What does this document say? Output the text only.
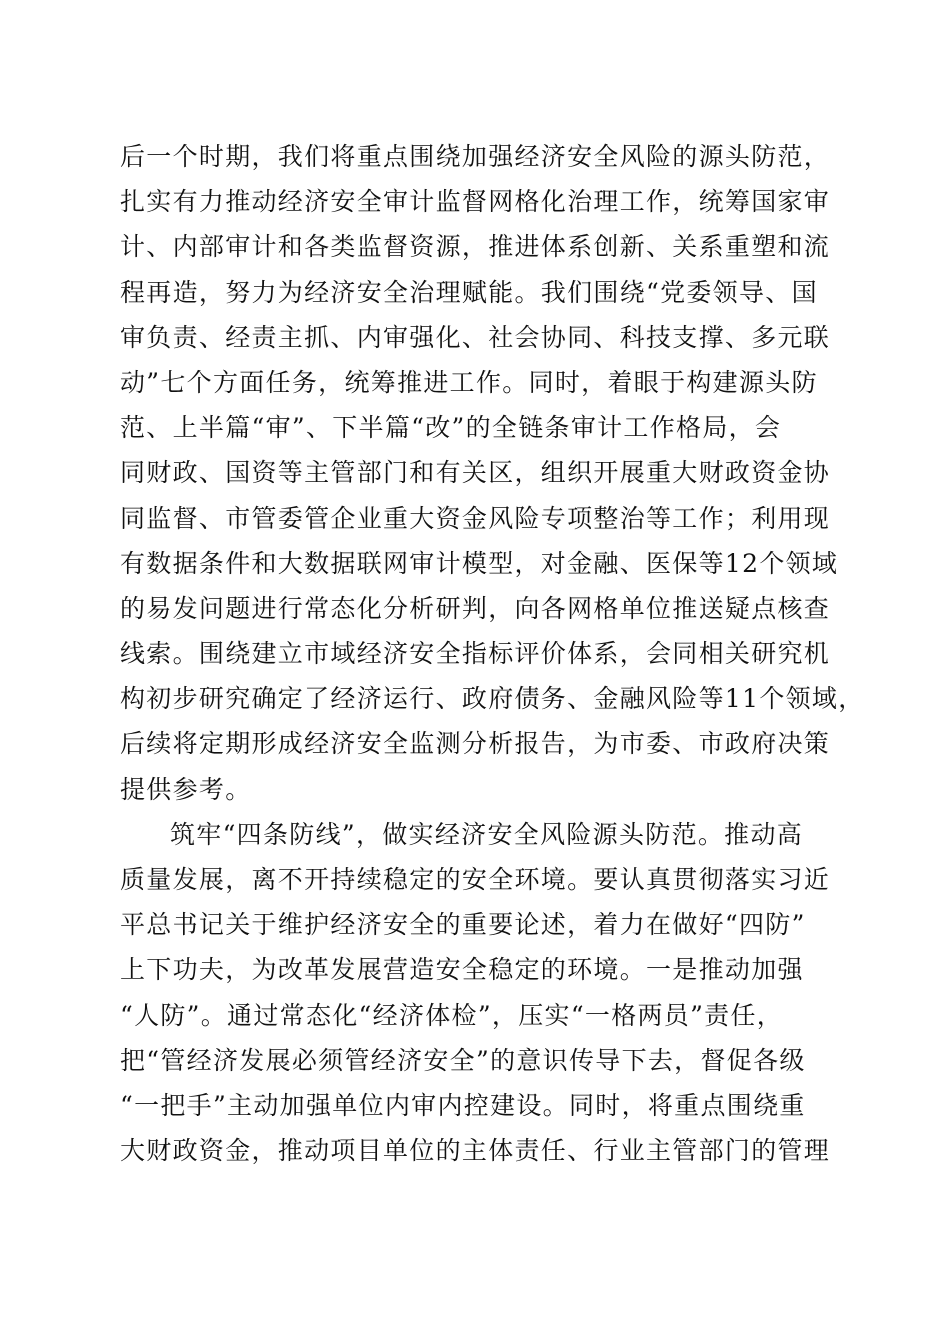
后一个时期，我们将重点围绕加强经济安全风险的源头防范，
扎实有力推动经济安全审计监督网格化治理工作，统筹国家审
计、内部审计和各类监督资源，推进体系创新、关系重塑和流
程再造，努力为经济安全治理赋能。我们围绕“党委领导、国
审负责、经责主抓、内审强化、社会协同、科技支撑、多元联
动”七个方面任务，统筹推进工作。同时，着眼于构建源头防
范、上半篇“审”、下半篇“改”的全链条审计工作格局，会
同财政、国资等主管部门和有关区，组织开展重大财政资金协
同监督、市管委管企业重大资金风险专项整治等工作；利用现
有数据条件和大数据联网审计模型，对金融、医保等12个领域
的易发问题进行常态化分析研判，向各网格单位推送疑点核查
线索。围绕建立市域经济安全指标评价体系，会同相关研究机
构初步研究确定了经济运行、政府债务、金融风险等11个领域，
后续将定期形成经济安全监测分析报告，为市委、市政府决策
提供参考。
筑牢“四条防线”，做实经济安全风险源头防范。推动高
质量发展，离不开持续稳定的安全环境。要认真贯彻落实习近
平总书记关于维护经济安全的重要论述，着力在做好“四防”
上下功夫，为改革发展营造安全稳定的环境。一是推动加强
“人防”。通过常态化“经济体检”，压实“一格两员”责任，
把“管经济发展必须管经济安全”的意识传导下去，督促各级
“一把手”主动加强单位内审内控建设。同时，将重点围绕重
大财政资金，推动项目单位的主体责任、行业主管部门的管理
